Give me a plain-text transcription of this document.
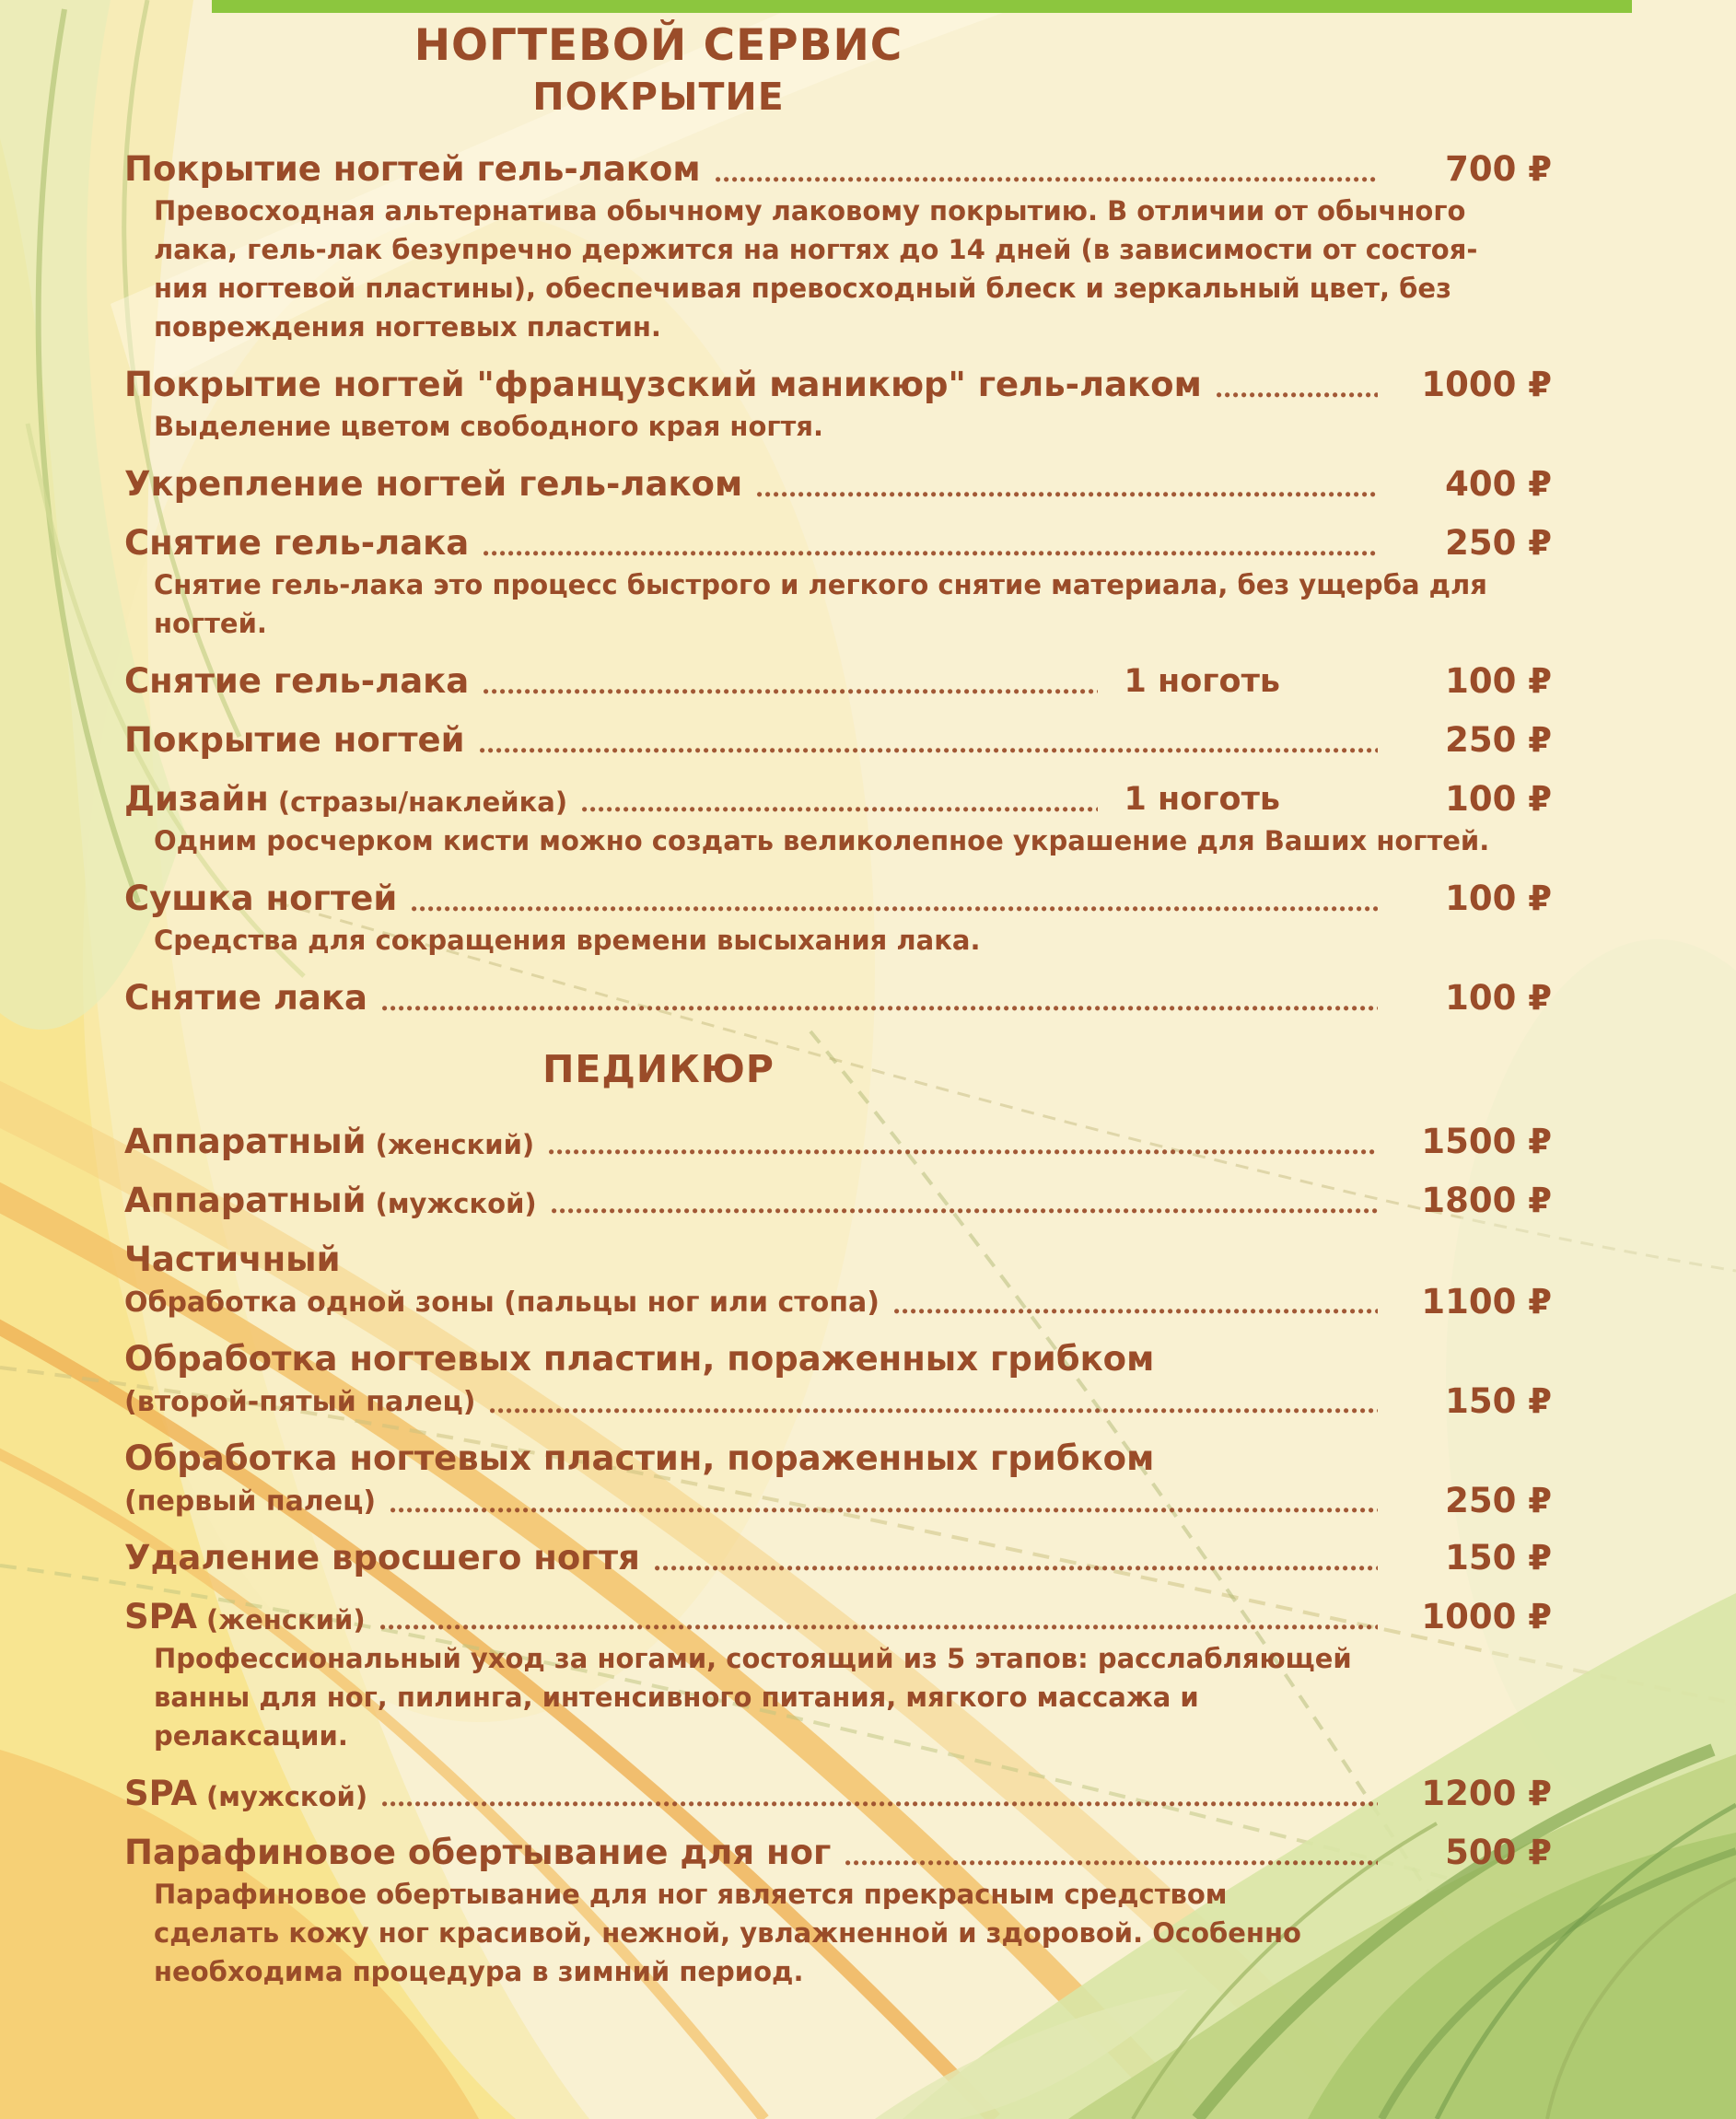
НОГТЕВОЙ СЕРВИС
ПОКРЫТИЕ
Покрытие ногтей гель-лаком	700 ₽
Превосходная альтернатива обычному лаковому покрытию. В отличии от обычного
лака, гель-лак безупречно держится на ногтях до 14 дней (в зависимости от состоя-
ния ногтевой пластины), обеспечивая превосходный блеск и зеркальный цвет, без
повреждения ногтевых пластин.
Покрытие ногтей "французский маникюр" гель-лаком	1000 ₽
Выделение цветом свободного края ногтя.
Укрепление ногтей гель-лаком	400 ₽
Снятие гель-лака	250 ₽
Снятие гель-лака это процесс быстрого и легкого снятие материала, без ущерба для
ногтей.
Снятие гель-лака	1 ноготь	100 ₽
Покрытие ногтей	250 ₽
Дизайн (стразы/наклейка)	1 ноготь	100 ₽
Одним росчерком кисти можно создать великолепное украшение для Ваших ногтей.
Сушка ногтей	100 ₽
Средства для сокращения времени высыхания лака.
Снятие лака	100 ₽
ПЕДИКЮР
Аппаратный (женский)	1500 ₽
Аппаратный (мужской)	1800 ₽
Частичный
Обработка одной зоны (пальцы ног или стопа)	1100 ₽
Обработка ногтевых пластин, пораженных грибком
(второй-пятый палец)	150 ₽
Обработка ногтевых пластин, пораженных грибком
(первый палец)	250 ₽
Удаление вросшего ногтя	150 ₽
SPA (женский)	1000 ₽
Профессиональный уход за ногами, состоящий из 5 этапов: расслабляющей
ванны для ног, пилинга, интенсивного питания, мягкого массажа и
релаксации.
SPA (мужской)	1200 ₽
Парафиновое обертывание для ног	500 ₽
Парафиновое обертывание для ног является прекрасным средством
сделать кожу ног красивой, нежной, увлажненной и здоровой. Особенно
необходима процедура в зимний период.
